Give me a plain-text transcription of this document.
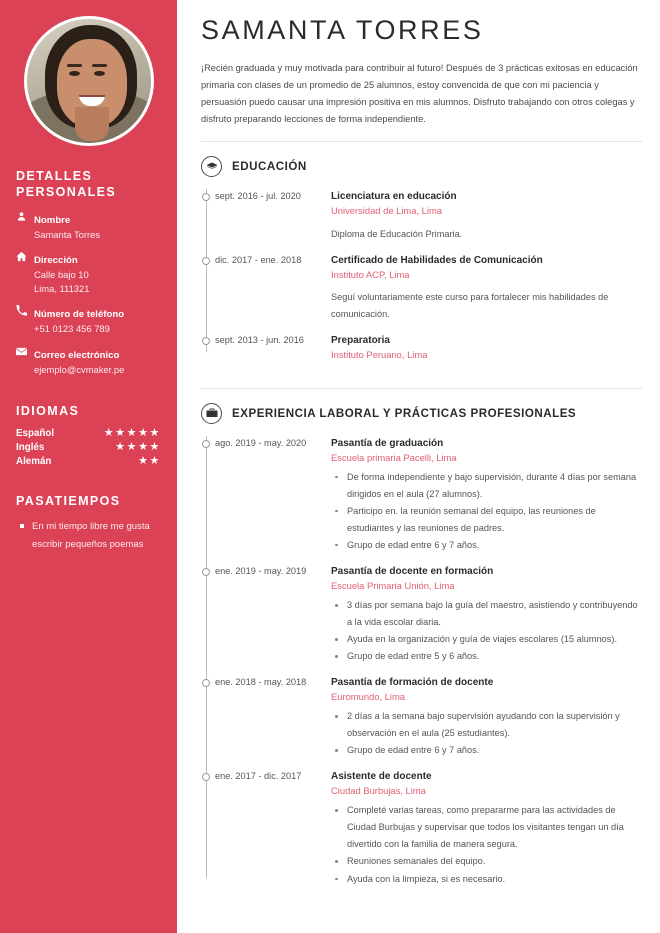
DETALLES
PERSONALES
Nombre
Samanta Torres
Dirección
Calle bajo 10
Lima, 111321
Número de teléfono
+51 0123 456 789
Correo electrónico
ejemplo@cvmaker.pe
IDIOMAS
Español	★★★★★
Inglés	★★★★
Alemán	★★
PASATIEMPOS
En mi tiempo libre me gusta escribir pequeños poemas
SAMANTA TORRES

¡Recién graduada y muy motivada para contribuir al futuro! Después de 3 prácticas exitosas en educación primaria con clases de un promedio de 25 alumnos, estoy convencida de que con mi paciencia y persuasión puedo causar una impresión positiva en mis alumnos. Disfruto trabajando con otros colegas y disfruto preparando lecciones de forma independiente.

EDUCACIÓN
sept. 2016 - jul. 2020	Licenciatura en educación
Universidad de Lima, Lima
Diploma de Educación Primaria.
dic. 2017 - ene. 2018	Certificado de Habilidades de Comunicación
Instituto ACP, Lima
Seguí voluntariamente este curso para fortalecer mis habilidades de comunicación.
sept. 2013 - jun. 2016	Preparatoria
Instituto Peruano, Lima
EXPERIENCIA LABORAL Y PRÁCTICAS PROFESIONALES
ago. 2019 - may. 2020	Pasantía de graduación
Escuela primaria Pacelli, Lima
De forma independiente y bajo supervisión, durante 4 días por semana dirigidos en el aula (27 alumnos).
Participo en. la reunión semanal del equipo, las reuniones de estudiantes y las reuniones de padres.
Grupo de edad entre 6 y 7 años.
ene. 2019 - may. 2019	Pasantía de docente en formación
Escuela Primaria Unión, Lima
3 días por semana bajo la guía del maestro, asistiendo y contribuyendo a la vida escolar diaria.
Ayuda en la organización y guía de viajes escolares (15 alumnos).
Grupo de edad entre 5 y 6 años.
ene. 2018 - may. 2018	Pasantía de formación de docente
Euromundo, Lima
2 días a la semana bajo supervisión ayudando con la supervisión y observación en el aula (25 estudiantes).
Grupo de edad entre 6 y 7 años.
ene. 2017 - dic. 2017	Asistente de docente
Ciudad Burbujas, Lima
Completé varias tareas, como prepararme para las actividades de Ciudad Burbujas y supervisar que todos los visitantes tengan un día divertido con la familia de manera segura.
Reuniones semanales del equipo.
Ayuda con la limpieza, si es necesario.
